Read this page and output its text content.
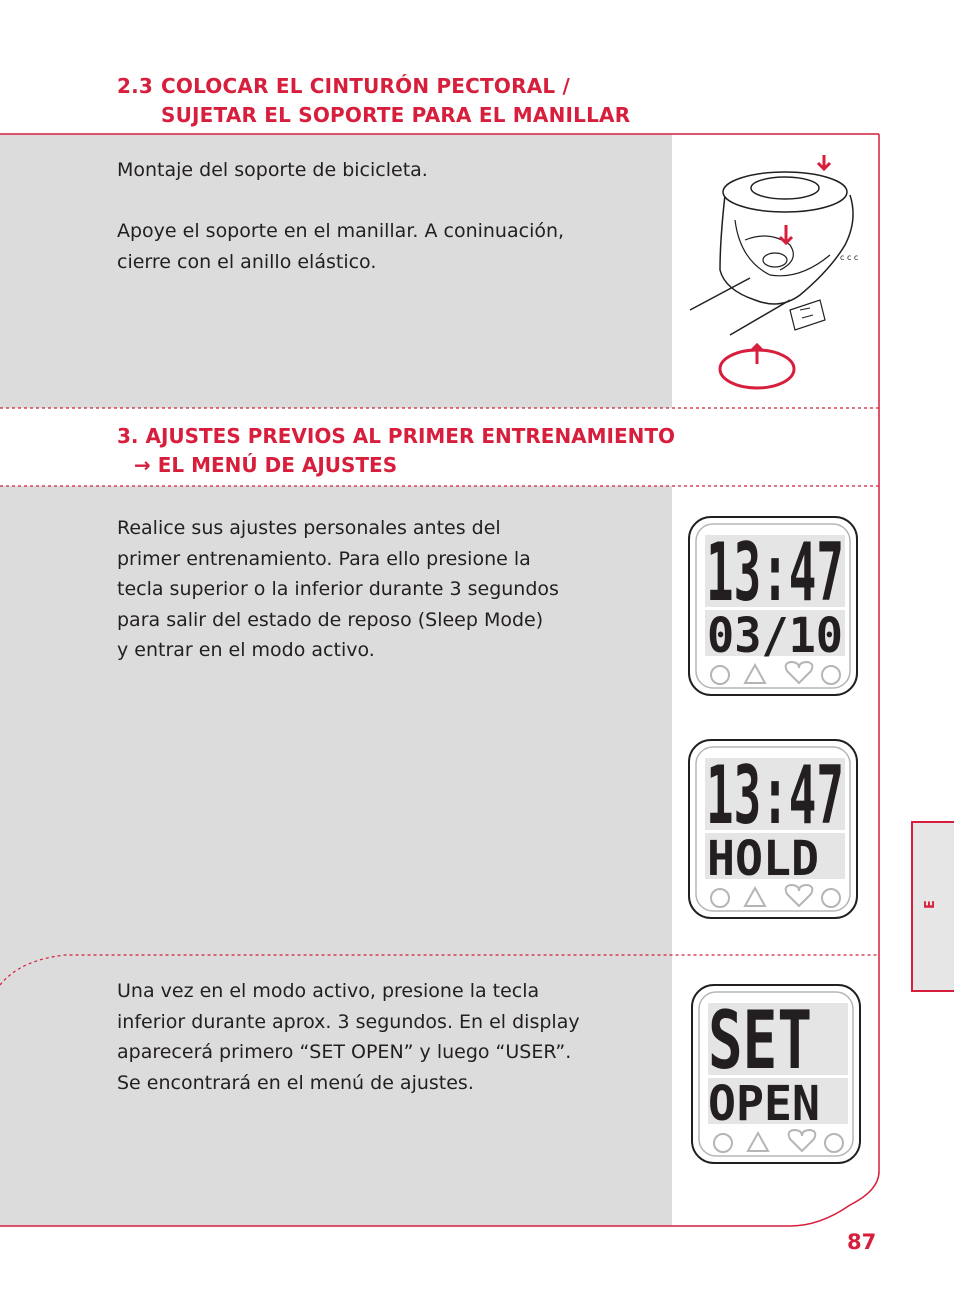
2.3 COLOCAR EL CINTURÓN PECTORAL /
SUJETAR EL SOPORTE PARA EL MANILLAR

Montaje del soporte de bicicleta.

Apoye el soporte en el manillar. A coninuación,

cierre con el anillo elástico.	c c c
3. AJUSTES PREVIOS AL PRIMER ENTRENAMIENTO
→ EL MENÚ DE AJUSTES

Realice sus ajustes personales antes del

primer entrenamiento. Para ello presione la

tecla superior o la inferior durante 3 segundos

para salir del estado de reposo (Sleep Mode)

y entrar en el modo activo.

Una vez en el modo activo, presione la tecla

inferior durante aprox. 3 segundos. En el display

aparecerá primero “SET OPEN” y luego “USER”.

Se encontrará en el menú de ajustes.

13:47
03/10
13:47
HOLD
SET
OPEN
E
87
